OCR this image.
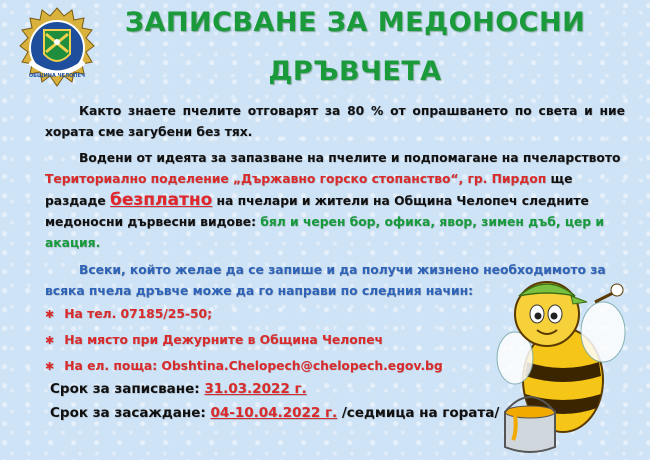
ОБЩИНА ЧЕЛОПЕЧ
ЗАПИСВАНЕ ЗА МЕДОНОСНИ
ДРЪВЧЕТА
Както знаете пчелите отговарят за 80 % от опрашването по света и ние хората сме загубени без тях.
Водени от идеята за запазване на пчелите и подпомагане на пчеларството
Териториално поделение „Държавно горско стопанство“, гр. Пирдоп ще
раздаде безплатно на пчелари и жители на Община Челопеч следните
медоносни дървесни видове: бял и черен бор, офика, явор, зимен дъб, цер и
акация.
Всеки, който желае да се запише и да получи жизнено необходимото за
всяка пчела дръвче може да го направи по следния начин:
✱ На тел. 07185/25-50;
✱ На място при Дежурните в Община Челопеч
✱ На ел. поща: Obshtina.Chelopech@chelopech.egov.bg
Срок за записване: 31.03.2022 г.
Срок за засаждане: 04-10.04.2022 г. /седмица на гората/
